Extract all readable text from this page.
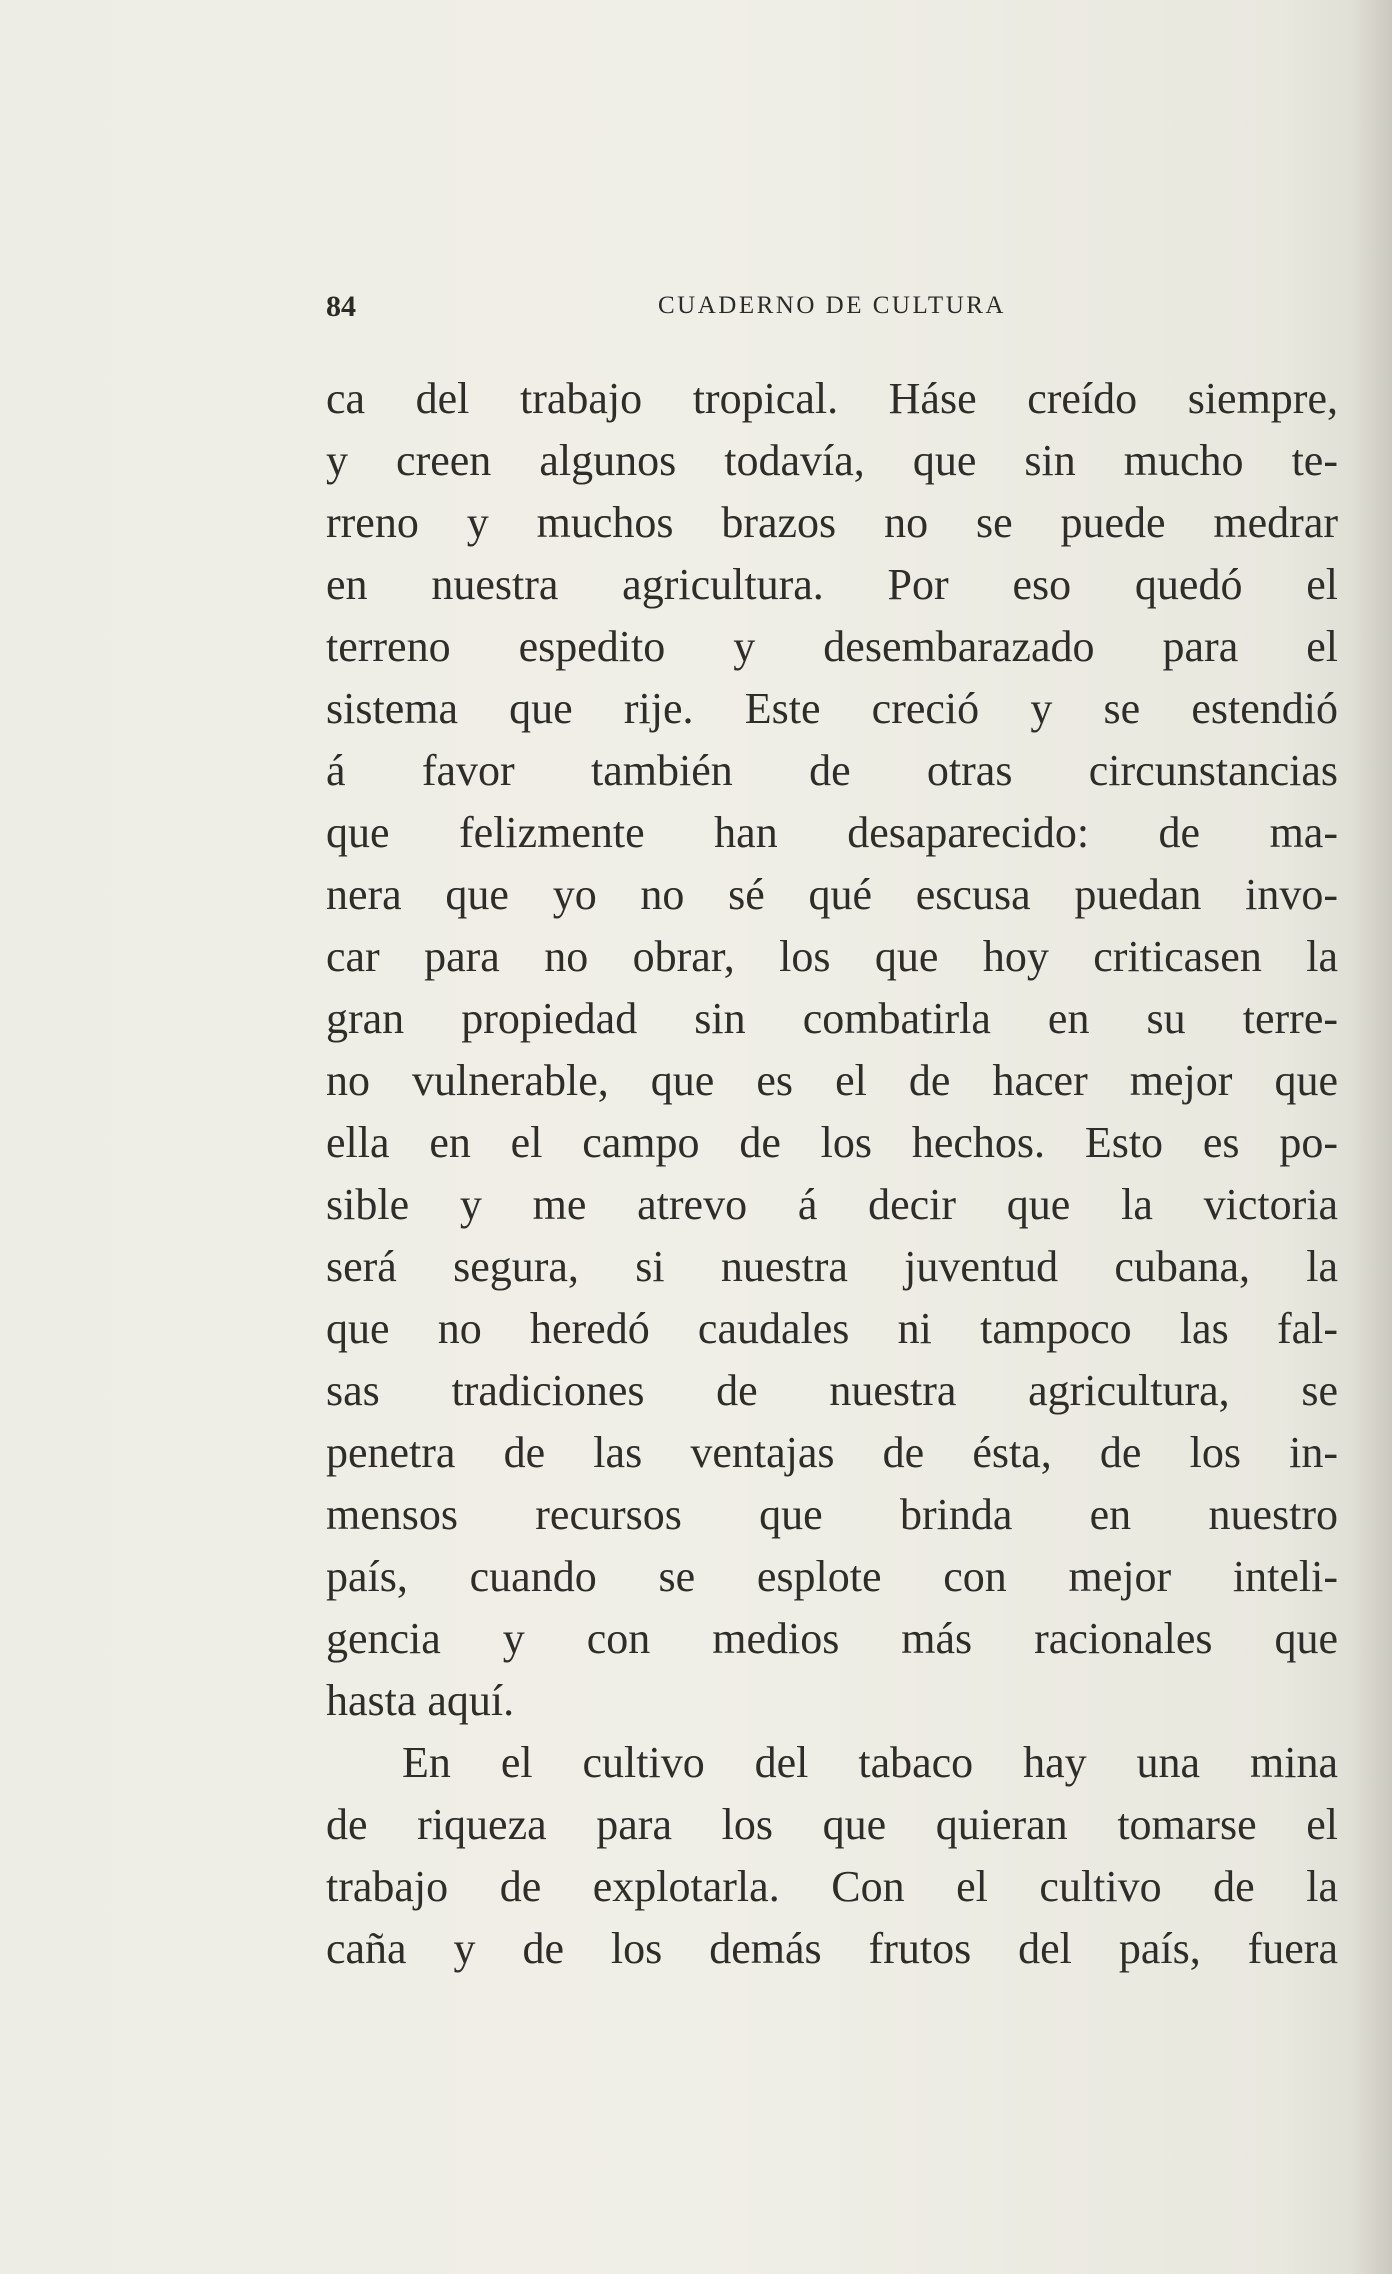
84	CUADERNO DE CULTURA
ca del trabajo tropical. Háse creído siempre,
y creen algunos todavía, que sin mucho te-
rreno y muchos brazos no se puede medrar
en nuestra agricultura. Por eso quedó el
terreno espedito y desembarazado para el
sistema que rije. Este creció y se estendió
á favor también de otras circunstancias
que felizmente han desaparecido: de ma-
nera que yo no sé qué escusa puedan invo-
car para no obrar, los que hoy criticasen la
gran propiedad sin combatirla en su terre-
no vulnerable, que es el de hacer mejor que
ella en el campo de los hechos. Esto es po-
sible y me atrevo á decir que la victoria
será segura, si nuestra juventud cubana, la
que no heredó caudales ni tampoco las fal-
sas tradiciones de nuestra agricultura, se
penetra de las ventajas de ésta, de los in-
mensos recursos que brinda en nuestro
país, cuando se esplote con mejor inteli-
gencia y con medios más racionales que
hasta aquí.
En el cultivo del tabaco hay una mina
de riqueza para los que quieran tomarse el
trabajo de explotarla. Con el cultivo de la
caña y de los demás frutos del país, fuera
